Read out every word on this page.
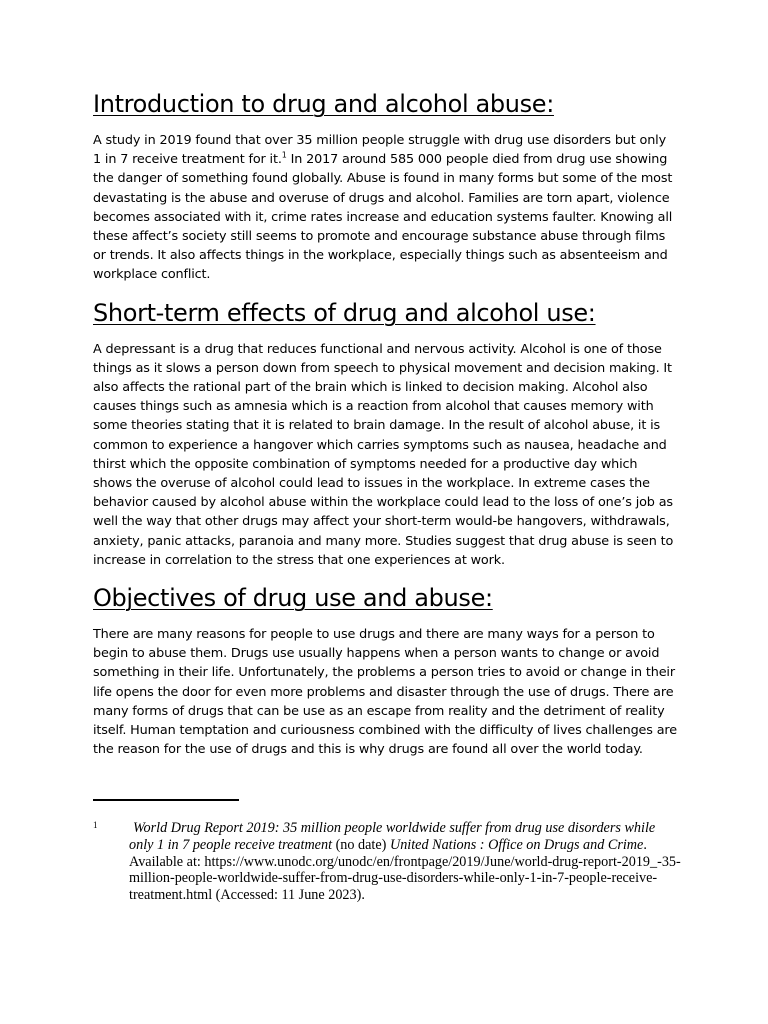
Introduction to drug and alcohol abuse:

A study in 2019 found that over 35 million people struggle with drug use disorders but only 1 in 7 receive treatment for it.$^1$ In 2017 around 585 000 people died from drug use showing the danger of something found globally. Abuse is found in many forms but some of the most devastating is the abuse and overuse of drugs and alcohol. Families are torn apart, violence becomes associated with it, crime rates increase and education systems faulter. Knowing all these affect’s society still seems to promote and encourage substance abuse through films or trends. It also affects things in the workplace, especially things such as absenteeism and workplace conflict.

Short-term effects of drug and alcohol use:

A depressant is a drug that reduces functional and nervous activity. Alcohol is one of those things as it slows a person down from speech to physical movement and decision making. It also affects the rational part of the brain which is linked to decision making. Alcohol also causes things such as amnesia which is a reaction from alcohol that causes memory with some theories stating that it is related to brain damage. In the result of alcohol abuse, it is common to experience a hangover which carries symptoms such as nausea, headache and thirst which the opposite combination of symptoms needed for a productive day which shows the overuse of alcohol could lead to issues in the workplace. In extreme cases the behavior caused by alcohol abuse within the workplace could lead to the loss of one’s job as well the way that other drugs may affect your short-term would-be hangovers, withdrawals, anxiety, panic attacks, paranoia and many more. Studies suggest that drug abuse is seen to increase in correlation to the stress that one experiences at work.

Objectives of drug use and abuse:

There are many reasons for people to use drugs and there are many ways for a person to begin to abuse them. Drugs use usually happens when a person wants to change or avoid something in their life. Unfortunately, the problems a person tries to avoid or change in their life opens the door for even more problems and disaster through the use of drugs. There are many forms of drugs that can be use as an escape from reality and the detriment of reality itself. Human temptation and curiousness combined with the difficulty of lives challenges are the reason for the use of drugs and this is why drugs are found all over the world today.

1	World Drug Report 2019: 35 million people worldwide suffer from drug use disorders while only 1 in 7 people receive treatment (no date) United Nations : Office on Drugs and Crime. Available at: https://www.unodc.org/unodc/en/frontpage/2019/June/world-drug-report-2019_-35-million-people-worldwide-suffer-from-drug-use-disorders-while-only-1-in-7-people-receive-treatment.html (Accessed: 11 June 2023).
